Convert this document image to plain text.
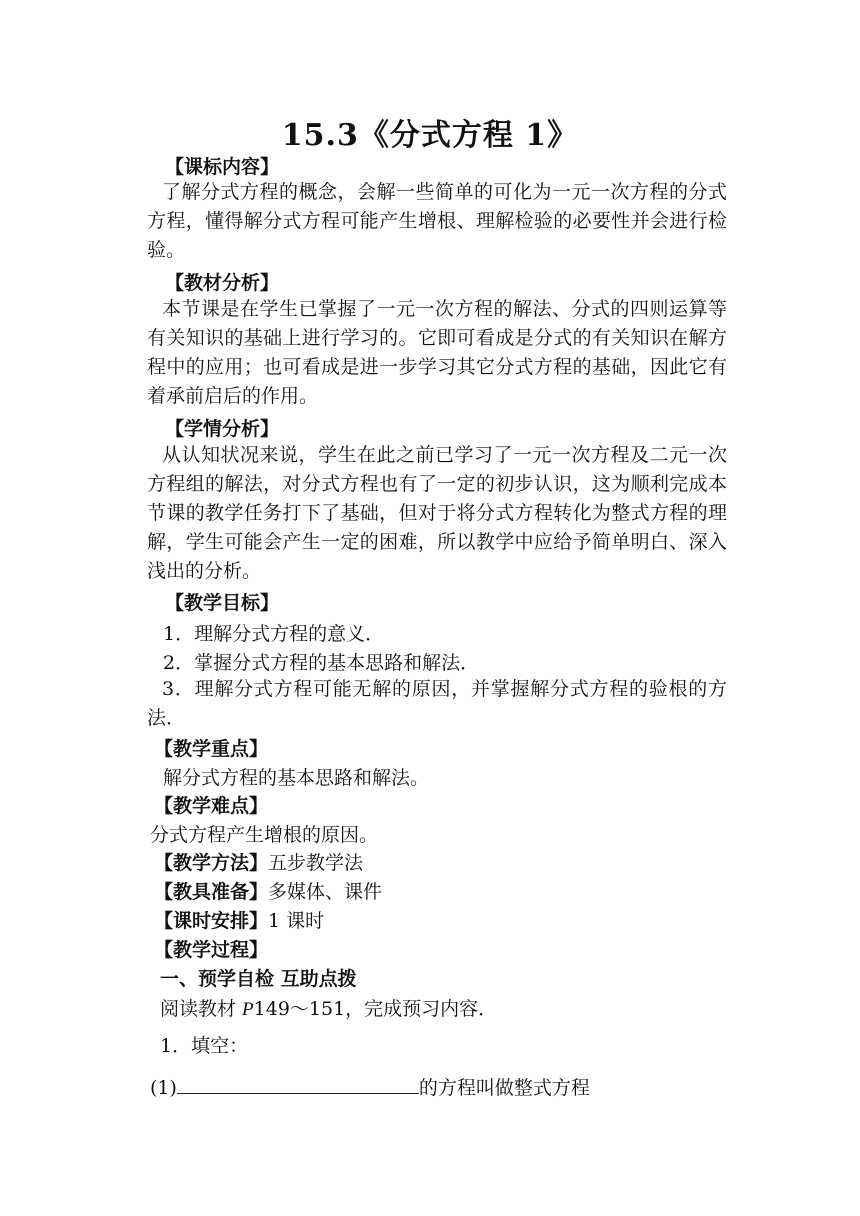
15.3《分式方程 1》
【课标内容】
了解分式方程的概念，会解一些简单的可化为一元一次方程的分式方程，懂得解分式方程可能产生增根、理解检验的必要性并会进行检验。
【教材分析】
本节课是在学生已掌握了一元一次方程的解法、分式的四则运算等有关知识的基础上进行学习的。它即可看成是分式的有关知识在解方程中的应用；也可看成是进一步学习其它分式方程的基础，因此它有着承前启后的作用。
【学情分析】
从认知状况来说，学生在此之前已学习了一元一次方程及二元一次方程组的解法，对分式方程也有了一定的初步认识，这为顺利完成本节课的教学任务打下了基础，但对于将分式方程转化为整式方程的理解，学生可能会产生一定的困难，所以教学中应给予简单明白、深入浅出的分析。
【教学目标】
1．理解分式方程的意义．
2．掌握分式方程的基本思路和解法．
3．理解分式方程可能无解的原因，并掌握解分式方程的验根的方法．
【教学重点】
解分式方程的基本思路和解法。
【教学难点】
分式方程产生增根的原因。
【教学方法】五步教学法
【教具准备】多媒体、课件
【课时安排】1 课时
【教学过程】
一、预学自检 互助点拨
阅读教材 P149～151，完成预习内容．
1．填空：
(1)	的方程叫做整式方程
